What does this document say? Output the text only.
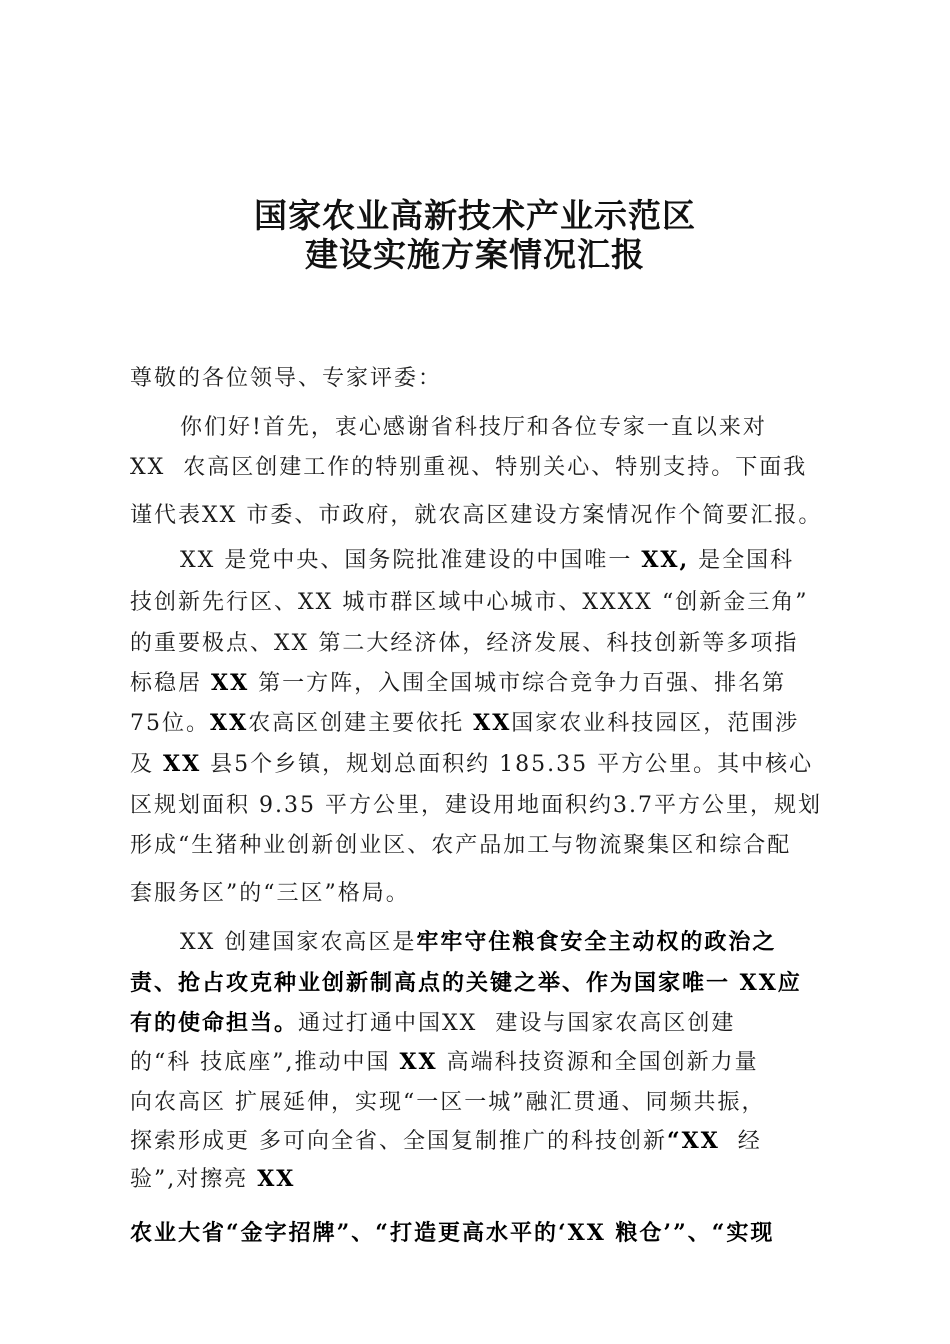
国家农业高新技术产业示范区
建设实施方案情况汇报
尊敬的各位领导、专家评委：
你们好!首先，衷心感谢省科技厅和各位专家一直以来对
XX  农高区创建工作的特别重视、特别关心、特别支持。下面我
谨代表XX 市委、市政府，就农高区建设方案情况作个简要汇报。
XX 是党中央、国务院批准建设的中国唯一 XX, 是全国科
技创新先行区、XX 城市群区域中心城市、XXXX “创新金三角”
的重要极点、XX 第二大经济体，经济发展、科技创新等多项指
标稳居 XX 第一方阵，入围全国城市综合竞争力百强、排名第
75位。XX农高区创建主要依托 XX国家农业科技园区，范围涉
及 XX 县5个乡镇，规划总面积约 185.35 平方公里。其中核心
区规划面积 9.35 平方公里，建设用地面积约3.7平方公里，规划
形成“生猪种业创新创业区、农产品加工与物流聚集区和综合配
套服务区”的“三区”格局。
XX 创建国家农高区是牢牢守住粮食安全主动权的政治之
责、抢占攻克种业创新制高点的关键之举、作为国家唯一 XX应
有的使命担当。通过打通中国XX  建设与国家农高区创建
的“科 技底座”,推动中国 XX 高端科技资源和全国创新力量
向农高区 扩展延伸，实现“一区一城”融汇贯通、同频共振，
探索形成更 多可向全省、全国复制推广的科技创新“XX  经
验”,对擦亮 XX
农业大省“金字招牌”、“打造更高水平的‘XX 粮仓’”、“实现
